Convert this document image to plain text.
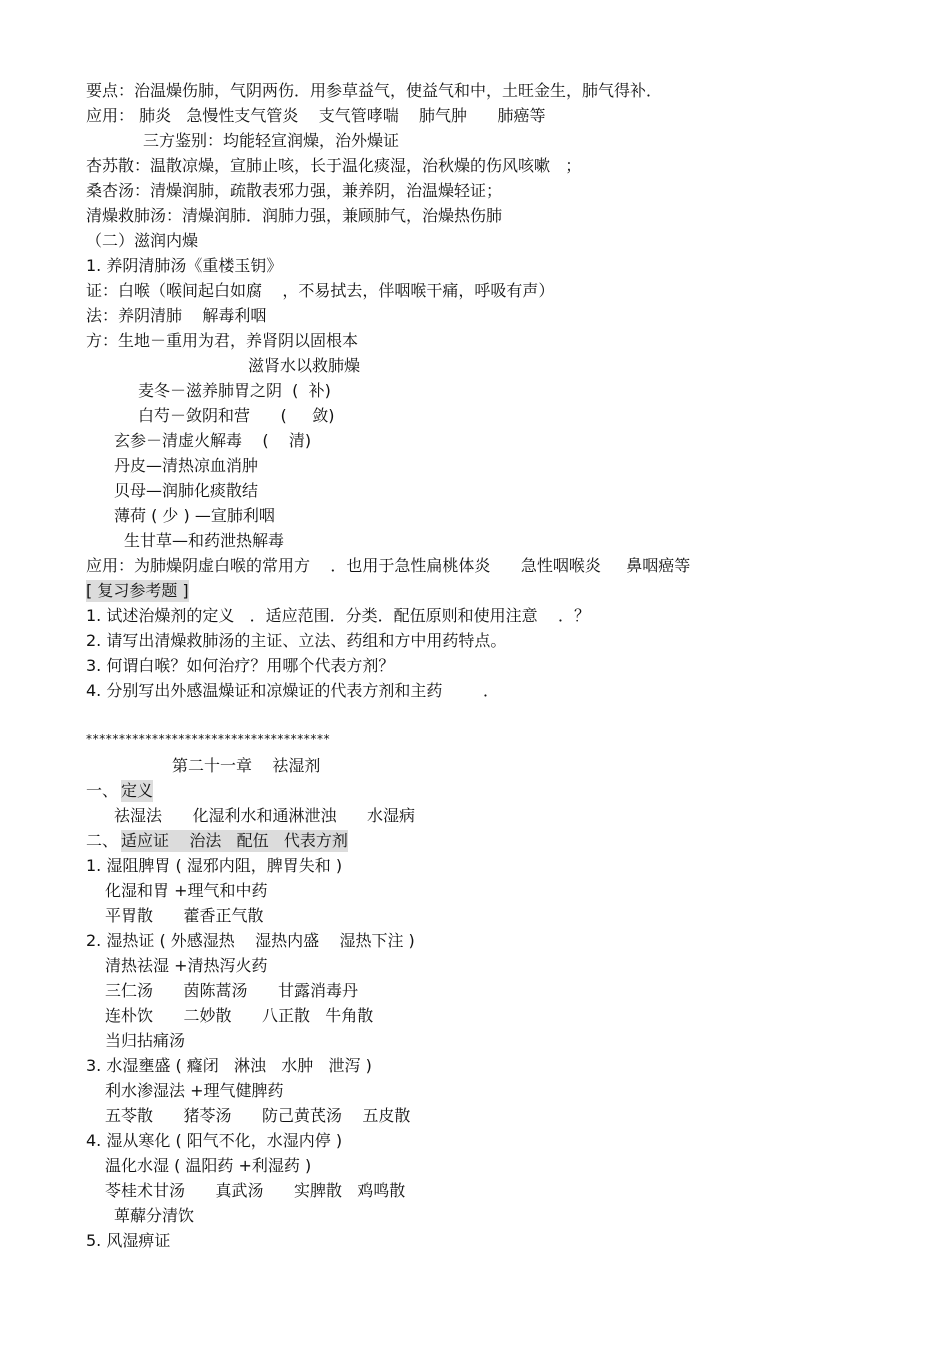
要点：治温燥伤肺，气阴两伤．用参草益气，使益气和中，土旺金生，肺气得补．
应用： 肺炎   急慢性支气管炎    支气管哮喘    肺气肿      肺癌等
三方鉴别：均能轻宣润燥，治外燥证
杏苏散：温散凉燥，宣肺止咳，长于温化痰湿，治秋燥的伤风咳嗽   ；
桑杏汤：清燥润肺，疏散表邪力强，兼养阴，治温燥轻证；
清燥救肺汤：清燥润肺．润肺力强，兼顾肺气，治燥热伤肺
（二）滋润内燥
1. 养阴清肺汤《重楼玉钥》
证：白喉（喉间起白如腐    ，不易拭去，伴咽喉干痛，呼吸有声）
法：养阴清肺    解毒利咽
方：生地－重用为君，养肾阴以固根本
滋肾水以救肺燥
麦冬－滋养肺胃之阴  (  补)
白芍－敛阴和营      (     敛)
玄参－清虚火解毒    (    清)
丹皮—清热凉血消肿
贝母—润肺化痰散结
薄荷 ( 少 ) —宣肺利咽
生甘草—和药泄热解毒
应用：为肺燥阴虚白喉的常用方    ．也用于急性扁桃体炎      急性咽喉炎     鼻咽癌等
[ 复习参考题 ]
1. 试述治燥剂的定义   ．适应范围．分类．配伍原则和使用注意    ．？
2. 请写出清燥救肺汤的主证、立法、药组和方中用药特点。
3. 何谓白喉？如何治疗？用哪个代表方剂？
4. 分别写出外感温燥证和凉燥证的代表方剂和主药        ．
*************************************
第二十一章    祛湿剂
一、 定义
祛湿法      化湿利水和通淋泄浊      水湿病
二、 适应证    治法   配伍   代表方剂
1. 湿阻脾胃 ( 湿邪内阻，脾胃失和 )
化湿和胃 +理气和中药
平胃散      藿香正气散
2. 湿热证 ( 外感湿热    湿热内盛    湿热下注 )
清热祛湿 +清热泻火药
三仁汤      茵陈蒿汤      甘露消毒丹
连朴饮      二妙散      八正散   牛角散
当归拈痛汤
3. 水湿壅盛 ( 癃闭   淋浊   水肿   泄泻 )
利水渗湿法 +理气健脾药
五苓散      猪苓汤      防己黄芪汤    五皮散
4. 湿从寒化 ( 阳气不化，水湿内停 )
温化水湿 ( 温阳药 +利湿药 )
苓桂术甘汤      真武汤      实脾散   鸡鸣散
萆薢分清饮
5. 风湿痹证
